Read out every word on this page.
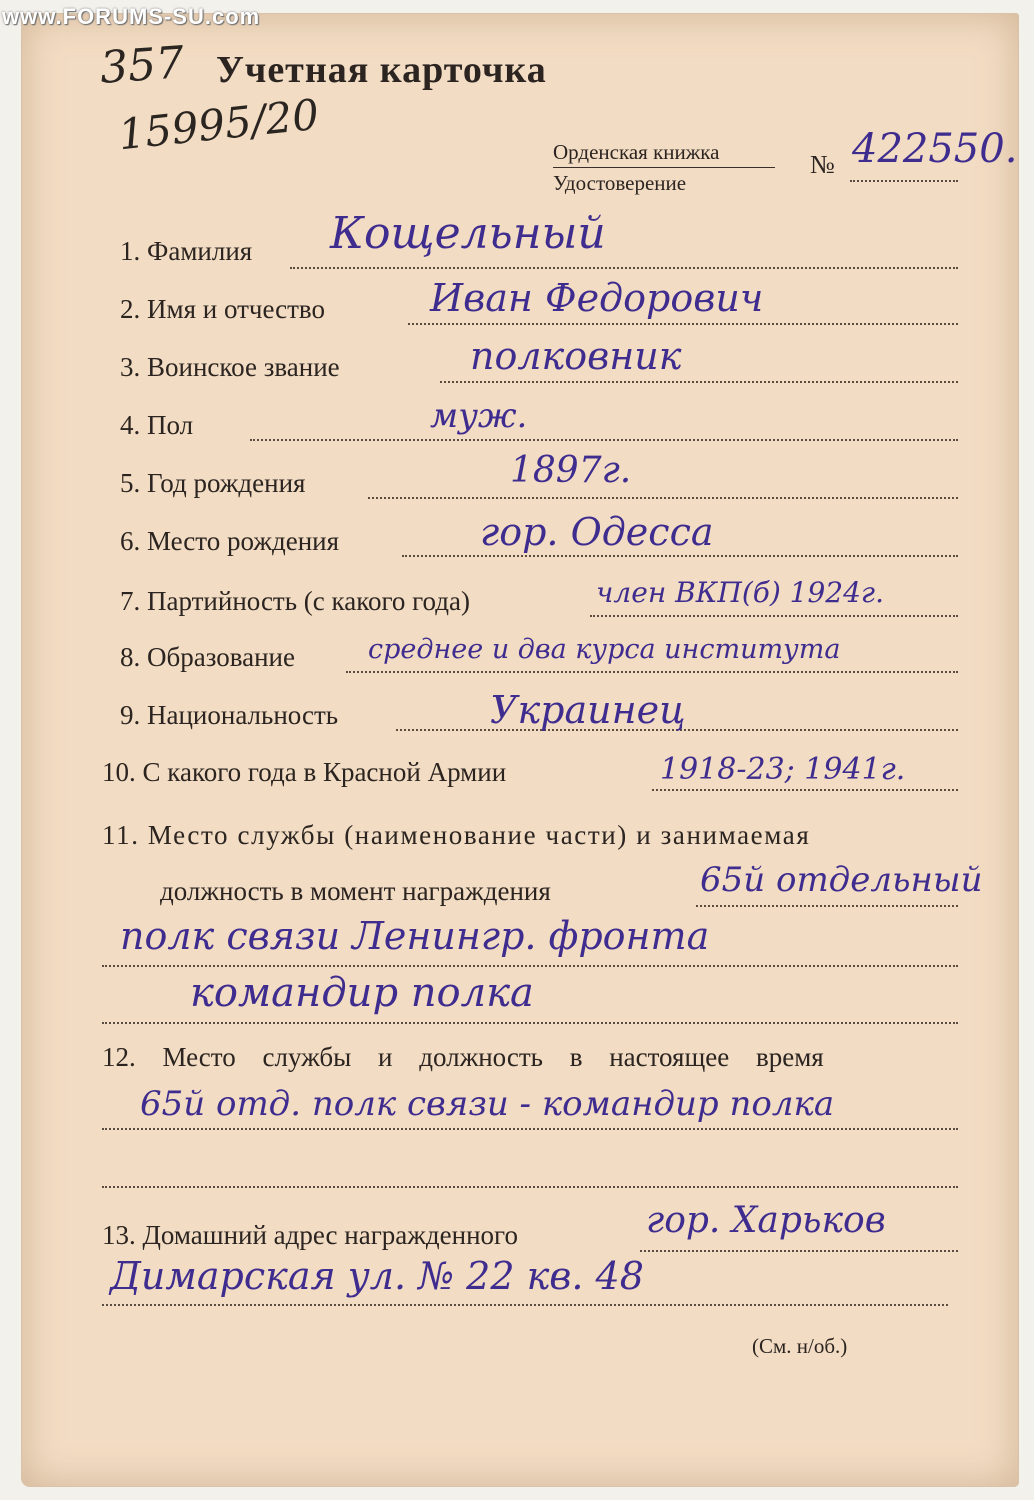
www.FORUMS-SU.com
357
15995/20
Учетная карточка
Орденская книжка
Удостоверение
№ 422550.
1. Фамилия Кощельный
2. Имя и отчество	Иван Федорович
3. Воинское звание	полковник
4. Пол	муж.
5. Год рождения	1897г.
6. Место рождения	гор. Одесса
7. Партийность (с какого года)	член ВКП(б) 1924г.
8. Образование	среднее и два курса института
9. Национальность	Украинец
10. С какого года в Красной Армии	1918-23; 1941г.
11. Место службы (наименование части) и занимаемая
должность в момент награждения	65й отдельный
полк связи Ленингр. фронта
командир полка
12. Место службы и должность в настоящее время
65й отд. полк связи - командир полка
13. Домашний адрес награжденного	гор. Харьков
Димарская ул. № 22 кв. 48
(См. н/об.)
